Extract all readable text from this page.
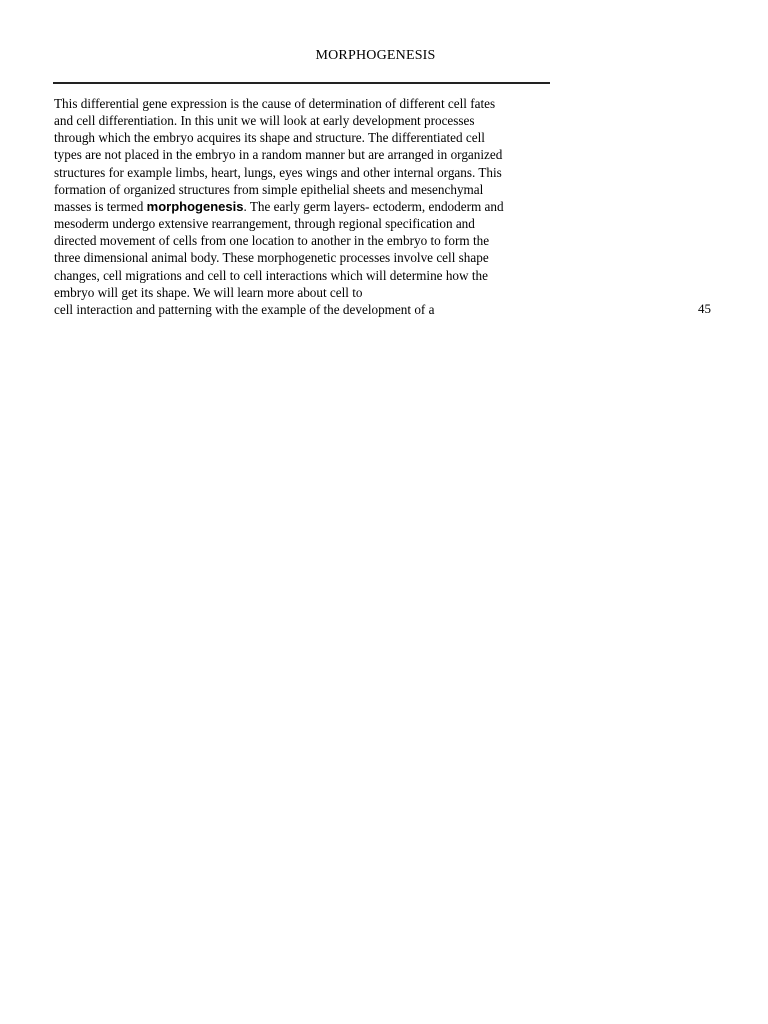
MORPHOGENESIS
This differential gene expression is the cause of determination of different cell fates
and cell differentiation. In this unit we will look at early development processes
through which the embryo acquires its shape and structure. The differentiated cell
types are not placed in the embryo in a random manner but are arranged in organized
structures for example limbs, heart, lungs, eyes wings and other internal organs. This
formation of organized structures from simple epithelial sheets and mesenchymal
masses is termed morphogenesis. The early germ layers- ectoderm, endoderm and
mesoderm undergo extensive rearrangement, through regional specification and
directed movement of cells from one location to another in the embryo to form the
three dimensional animal body. These morphogenetic processes involve cell shape
changes, cell migrations and cell to cell interactions which will determine how the
embryo will get its shape. We will learn more about cell to
cell interaction and patterning with the example of the development of a	45
